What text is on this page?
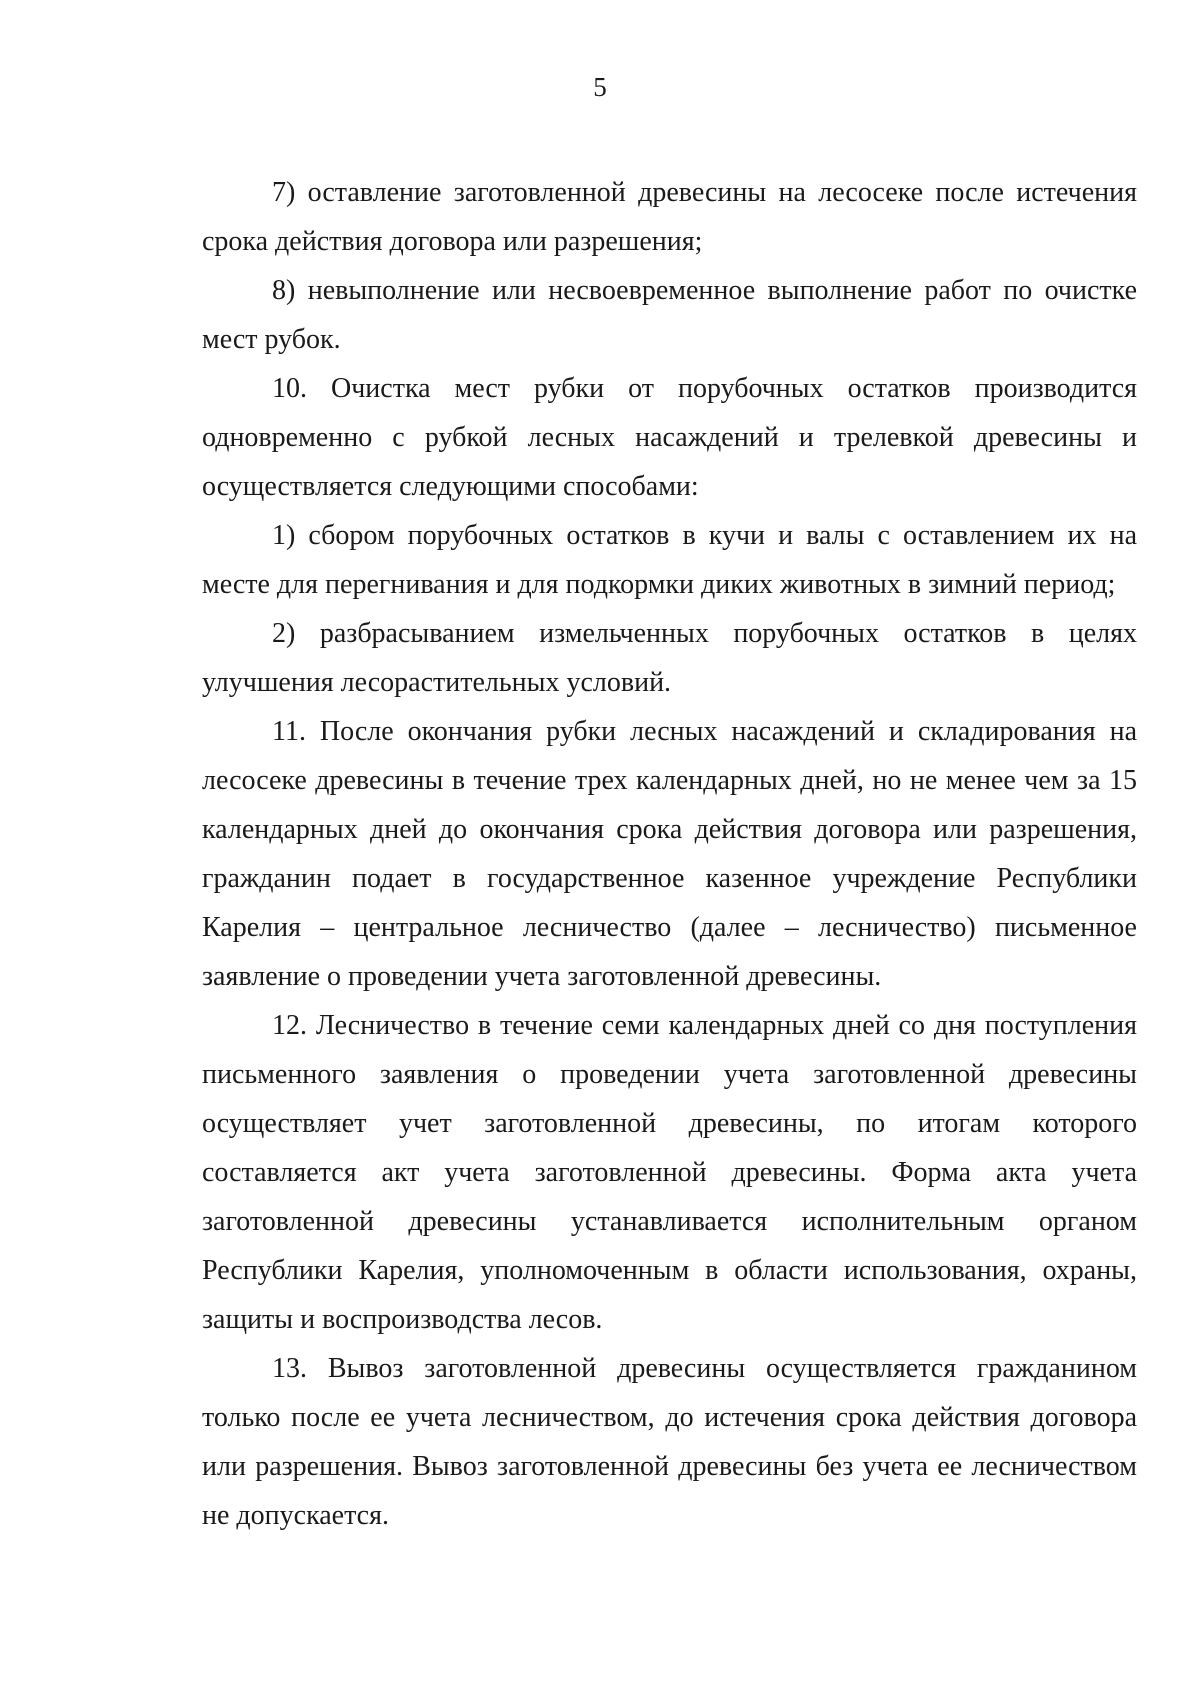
5

7) оставление заготовленной древесины на лесосеке после истечения срока действия договора или разрешения;

8) невыполнение или несвоевременное выполнение работ по очистке мест рубок.

10. Очистка мест рубки от порубочных остатков производится одновременно с рубкой лесных насаждений и трелевкой древесины и осуществляется следующими способами:

1) сбором порубочных остатков в кучи и валы с оставлением их на месте для перегнивания и для подкормки диких животных в зимний период;

2) разбрасыванием измельченных порубочных остатков в целях улучшения лесорастительных условий.

11. После окончания рубки лесных насаждений и складирования на лесосеке древесины в течение трех календарных дней, но не менее чем за 15 календарных дней до окончания срока действия договора или разрешения, гражданин подает в государственное казенное учреждение Республики Карелия – центральное лесничество (далее – лесничество) письменное заявление о проведении учета заготовленной древесины.

12. Лесничество в течение семи календарных дней со дня поступления письменного заявления о проведении учета заготовленной древесины осуществляет учет заготовленной древесины, по итогам которого составляется акт учета заготовленной древесины. Форма акта учета заготовленной древесины устанавливается исполнительным органом Республики Карелия, уполномоченным в области использования, охраны, защиты и воспроизводства лесов.

13. Вывоз заготовленной древесины осуществляется гражданином только после ее учета лесничеством, до истечения срока действия договора или разрешения. Вывоз заготовленной древесины без учета ее лесничеством не допускается.
